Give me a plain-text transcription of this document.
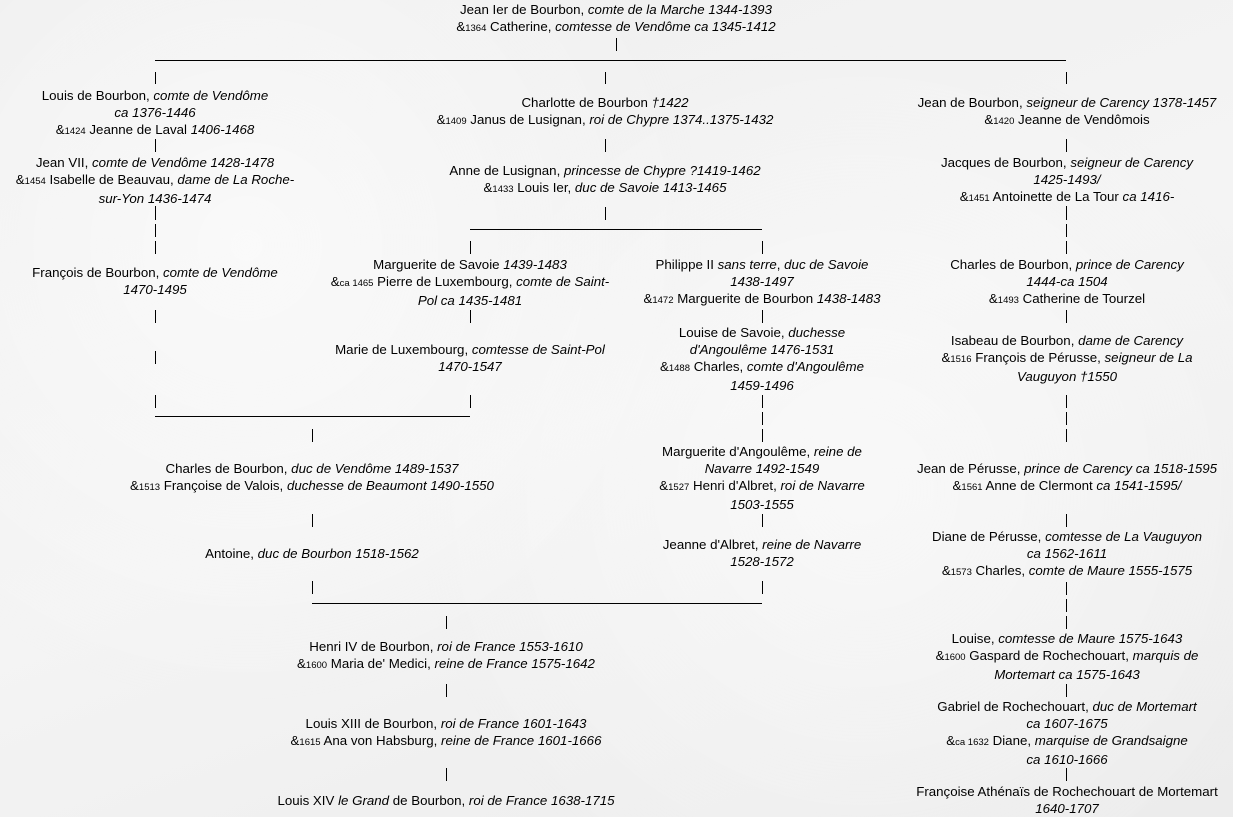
Jean Ier de Bourbon, comte de la Marche 1344-1393
&1364 Catherine, comtesse de Vendôme ca 1345-1412
Louis de Bourbon, comte de Vendôme
ca 1376-1446
&1424 Jeanne de Laval 1406-1468
Charlotte de Bourbon †1422
&1409 Janus de Lusignan, roi de Chypre 1374..1375-1432
Jean de Bourbon, seigneur de Carency 1378-1457
&1420 Jeanne de Vendômois
Jean VII, comte de Vendôme 1428-1478
&1454 Isabelle de Beauvau, dame de La Roche-
sur-Yon 1436-1474
Anne de Lusignan, princesse de Chypre ?1419-1462
&1433 Louis Ier, duc de Savoie 1413-1465
Jacques de Bourbon, seigneur de Carency
1425-1493/
&1451 Antoinette de La Tour ca 1416-
François de Bourbon, comte de Vendôme
1470-1495
Marguerite de Savoie 1439-1483
&ca 1465 Pierre de Luxembourg, comte de Saint-
Pol ca 1435-1481
Philippe II sans terre, duc de Savoie
1438-1497
&1472 Marguerite de Bourbon 1438-1483
Charles de Bourbon, prince de Carency
1444-ca 1504
&1493 Catherine de Tourzel
Louise de Savoie, duchesse
d'Angoulême 1476-1531
&1488 Charles, comte d'Angoulême
1459-1496
Isabeau de Bourbon, dame de Carency
&1516 François de Pérusse, seigneur de La
Vauguyon †1550
Marie de Luxembourg, comtesse de Saint-Pol
1470-1547
Charles de Bourbon, duc de Vendôme 1489-1537
&1513 Françoise de Valois, duchesse de Beaumont 1490-1550
Marguerite d'Angoulême, reine de
Navarre 1492-1549
&1527 Henri d'Albret, roi de Navarre
1503-1555
Jean de Pérusse, prince de Carency ca 1518-1595
&1561 Anne de Clermont ca 1541-1595/
Antoine, duc de Bourbon 1518-1562
Jeanne d'Albret, reine de Navarre
1528-1572
Diane de Pérusse, comtesse de La Vauguyon
ca 1562-1611
&1573 Charles, comte de Maure 1555-1575
Henri IV de Bourbon, roi de France 1553-1610
&1600 Maria de' Medici, reine de France 1575-1642
Louise, comtesse de Maure 1575-1643
&1600 Gaspard de Rochechouart, marquis de
Mortemart ca 1575-1643
Louis XIII de Bourbon, roi de France 1601-1643
&1615 Ana von Habsburg, reine de France 1601-1666
Gabriel de Rochechouart, duc de Mortemart
ca 1607-1675
&ca 1632 Diane, marquise de Grandsaigne
ca 1610-1666
Louis XIV le Grand de Bourbon, roi de France 1638-1715
Françoise Athénaïs de Rochechouart de Mortemart
1640-1707
